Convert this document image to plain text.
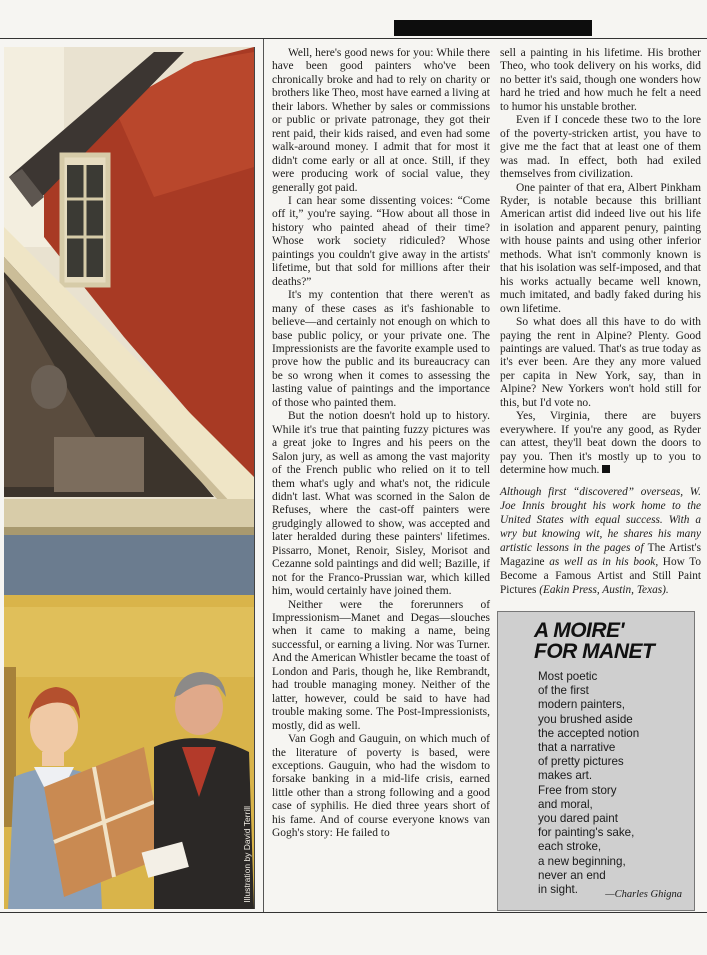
Illustration by David Terrill

Well, here's good news for you: While there have been good painters who've been chronically broke and had to rely on charity or brothers like Theo, most have earned a living at their labors. Whether by sales or commissions or public or private patronage, they got their rent paid, their kids raised, and even had some walk-around money. I admit that for most it didn't come early or all at once. Still, if they were producing work of social value, they generally got paid.

I can hear some dissenting voices: “Come off it,” you're saying. “How about all those in history who painted ahead of their time? Whose work society ridiculed? Whose paintings you couldn't give away in the artists' lifetime, but that sold for millions after their deaths?”

It's my contention that there weren't as many of these cases as it's fashionable to believe—and certainly not enough on which to base public policy, or your private one. The Impressionists are the favorite example used to prove how the public and its bureaucracy can be so wrong when it comes to assessing the lasting value of paintings and the importance of those who painted them.

But the notion doesn't hold up to history. While it's true that painting fuzzy pictures was a great joke to Ingres and his peers on the Salon jury, as well as among the vast majority of the French public who relied on it to tell them what's ugly and what's not, the ridicule didn't last. What was scorned in the Salon de Refuses, where the cast-off painters were grudgingly allowed to show, was accepted and later heralded during these painters' lifetimes. Pissarro, Monet, Renoir, Sisley, Morisot and Cezanne sold paintings and did well; Bazille, if not for the Franco-Prussian war, which killed him, would certainly have joined them.

Neither were the forerunners of Impressionism—Manet and Degas—slouches when it came to making a name, being successful, or earning a living. Nor was Turner. And the American Whistler became the toast of London and Paris, though he, like Rembrandt, had trouble managing money. Neither of the latter, however, could be said to have had trouble making some. The Post-Impressionists, mostly, did as well.

Van Gogh and Gauguin, on which much of the literature of poverty is based, were exceptions. Gauguin, who had the wisdom to forsake banking in a mid-life crisis, earned little other than a strong following and a good case of syphilis. He died three years short of his fame. And of course everyone knows van Gogh's story: He failed to

sell a painting in his lifetime. His brother Theo, who took delivery on his works, did no better it's said, though one wonders how hard he tried and how much he felt a need to humor his unstable brother.

Even if I concede these two to the lore of the poverty-stricken artist, you have to give me the fact that at least one of them was mad. In effect, both had exiled themselves from civilization.

One painter of that era, Albert Pinkham Ryder, is notable because this brilliant American artist did indeed live out his life in isolation and apparent penury, painting with house paints and using other inferior methods. What isn't commonly known is that his isolation was self-imposed, and that his works actually became well known, much imitated, and badly faked during his own lifetime.

So what does all this have to do with paying the rent in Alpine? Plenty. Good paintings are valued. That's as true today as it's ever been. Are they any more valued per capita in New York, say, than in Alpine? New Yorkers won't hold still for this, but I'd vote no.

Yes, Virginia, there are buyers everywhere. If you're any good, as Ryder can attest, they'll beat down the doors to pay you. Then it's mostly up to you to determine how much.

Although first “discovered” overseas, W. Joe Innis brought his work home to the United States with equal success. With a wry but knowing wit, he shares his many artistic lessons in the pages of The Artist's Magazine as well as in his book, How To Become a Famous Artist and Still Paint Pictures (Eakin Press, Austin, Texas).
A MOIRE'
FOR MANET
Most poetic
of the first
modern painters,
you brushed aside
the accepted notion
that a narrative
of pretty pictures
makes art.
Free from story
and moral,
you dared paint
for painting's sake,
each stroke,
a new beginning,
never an end
in sight.	—Charles Ghigna
